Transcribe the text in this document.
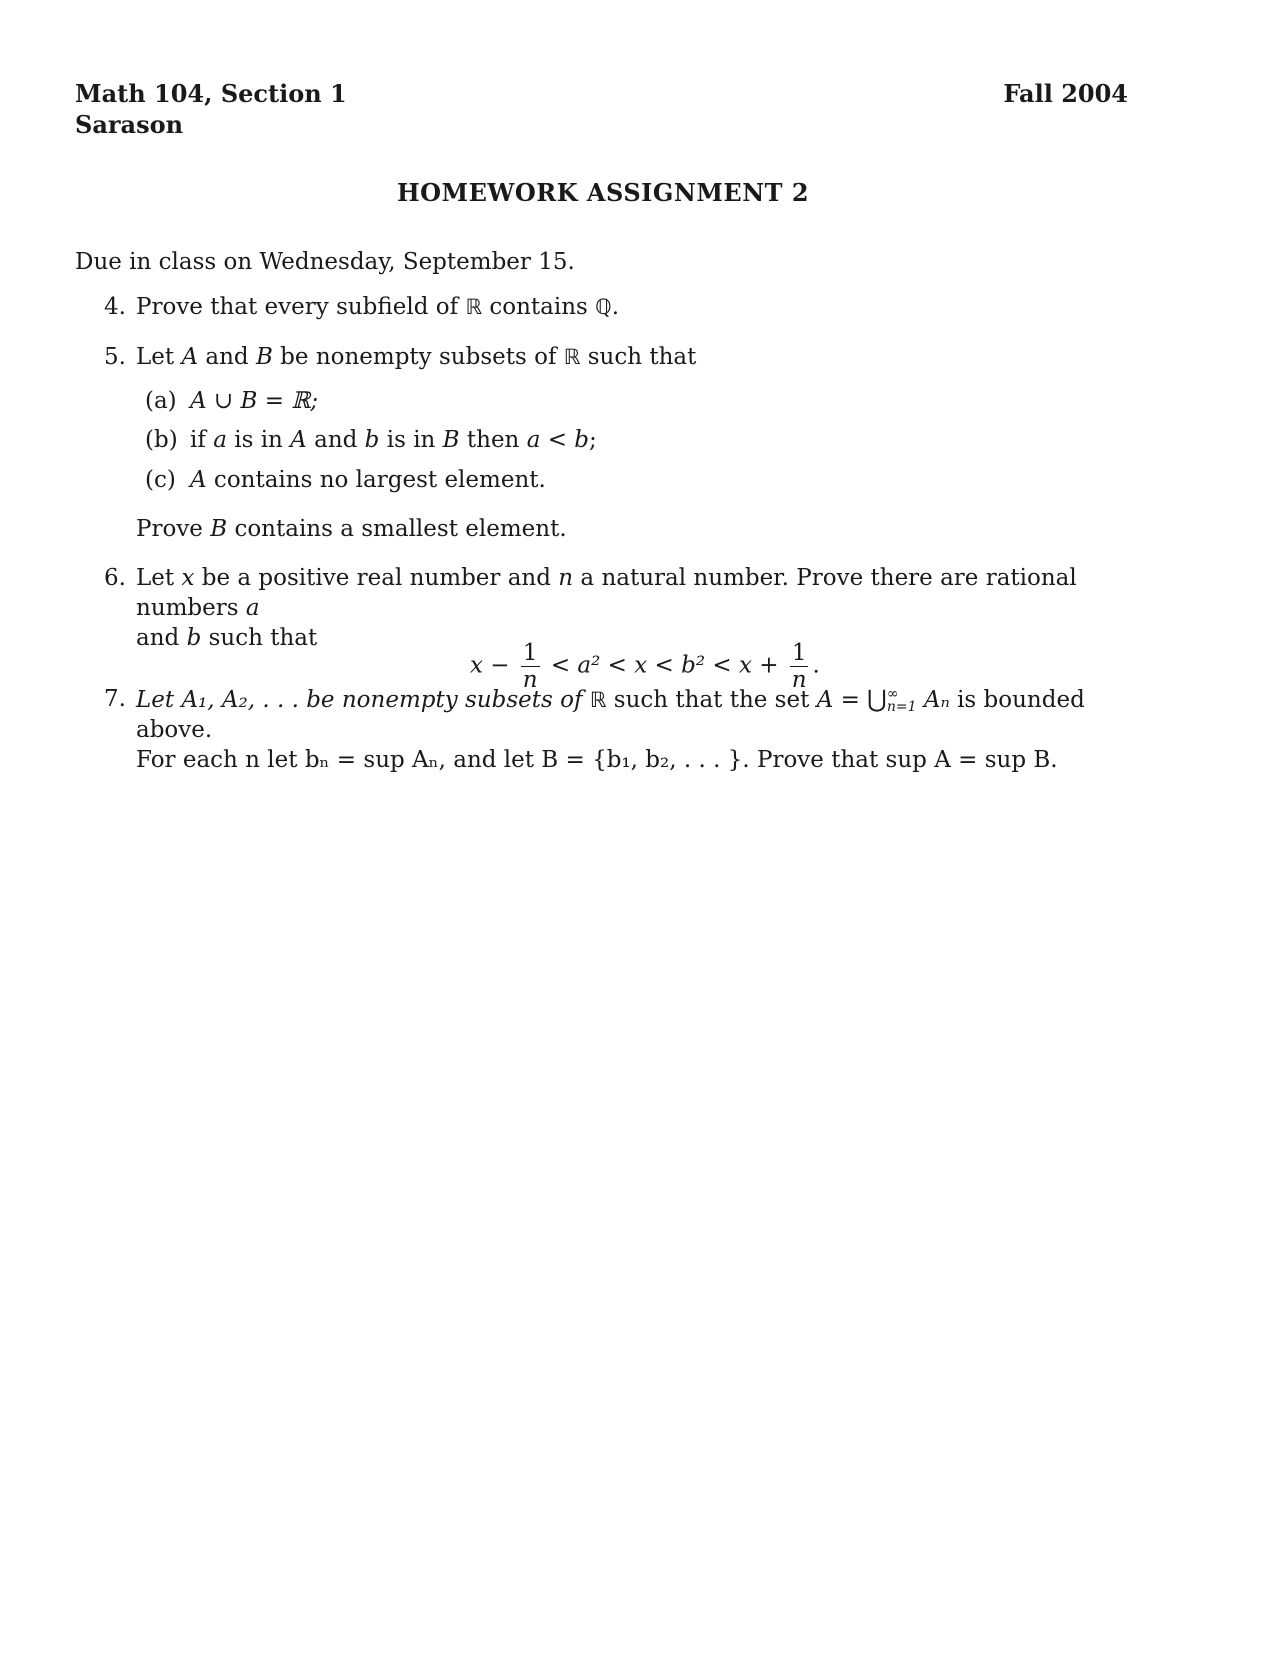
Math 104, Section 1
Sarason
Fall 2004
HOMEWORK ASSIGNMENT 2
Due in class on Wednesday, September 15.
4. Prove that every subfield of ℝ contains ℚ.
5. Let A and B be nonempty subsets of ℝ such that
(a) A ∪ B = ℝ;
(b) if a is in A and b is in B then a < b;
(c) A contains no largest element.
Prove B contains a smallest element.
6. Let x be a positive real number and n a natural number. Prove there are rational numbers a
and b such that
$x - \frac{1}{n} < a^2 < x < b^2 < x + \frac{1}{n}$ .
7. Let A₁, A₂, . . . be nonempty subsets of ℝ such that the set A = ⋃ ∞
n=1 Aₙ is bounded above.
For each n let bₙ = sup Aₙ, and let B = {b₁, b₂, . . . }. Prove that sup A = sup B.
